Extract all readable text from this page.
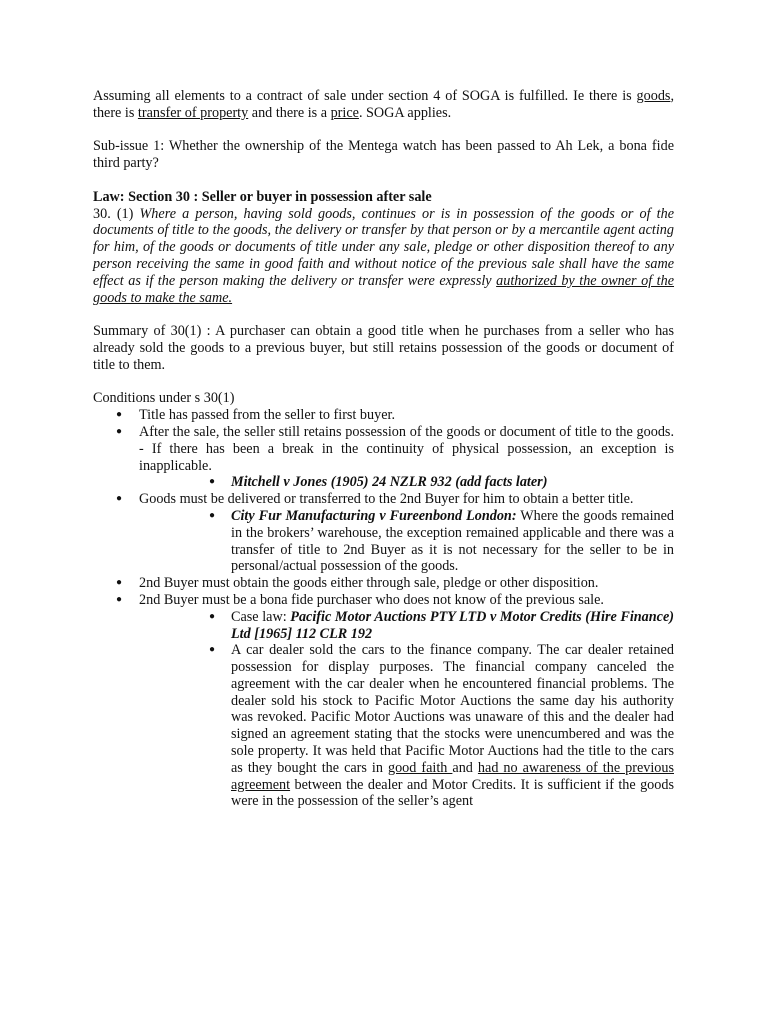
Assuming all elements to a contract of sale under section 4 of SOGA is fulfilled. Ie there is goods, there is transfer of property and there is a price. SOGA applies.

Sub-issue 1: Whether the ownership of the Mentega watch has been passed to Ah Lek, a bona fide third party?

Law: Section 30 : Seller or buyer in possession after sale

30. (1) Where a person, having sold goods, continues or is in possession of the goods or of the documents of title to the goods, the delivery or transfer by that person or by a mercantile agent acting for him, of the goods or documents of title under any sale, pledge or other disposition thereof to any person receiving the same in good faith and without notice of the previous sale shall have the same effect as if the person making the delivery or transfer were expressly authorized by the owner of the goods to make the same.

Summary of 30(1) : A purchaser can obtain a good title when he purchases from a seller who has already sold the goods to a previous buyer, but still retains possession of the goods or document of title to them.

Conditions under s 30(1)

● Title has passed from the seller to first buyer.
● After the sale, the seller still retains possession of the goods or document of title to the goods. - If there has been a break in the continuity of physical possession, an exception is inapplicable.
● Mitchell v Jones (1905) 24 NZLR 932 (add facts later)
● Goods must be delivered or transferred to the 2nd Buyer for him to obtain a better title.
● City Fur Manufacturing v Fureenbond London: Where the goods remained in the brokers’ warehouse, the exception remained applicable and there was a transfer of title to 2nd Buyer as it is not necessary for the seller to be in personal/actual possession of the goods.
● 2nd Buyer must obtain the goods either through sale, pledge or other disposition.
● 2nd Buyer must be a bona fide purchaser who does not know of the previous sale.
● Case law: Pacific Motor Auctions PTY LTD v Motor Credits (Hire Finance) Ltd [1965] 112 CLR 192
● A car dealer sold the cars to the finance company. The car dealer retained possession for display purposes. The financial company canceled the agreement with the car dealer when he encountered financial problems. The dealer sold his stock to Pacific Motor Auctions the same day his authority was revoked. Pacific Motor Auctions was unaware of this and the dealer had signed an agreement stating that the stocks were unencumbered and was the sole property. It was held that Pacific Motor Auctions had the title to the cars as they bought the cars in good faith and had no awareness of the previous agreement between the dealer and Motor Credits. It is sufficient if the goods were in the possession of the seller’s agent
